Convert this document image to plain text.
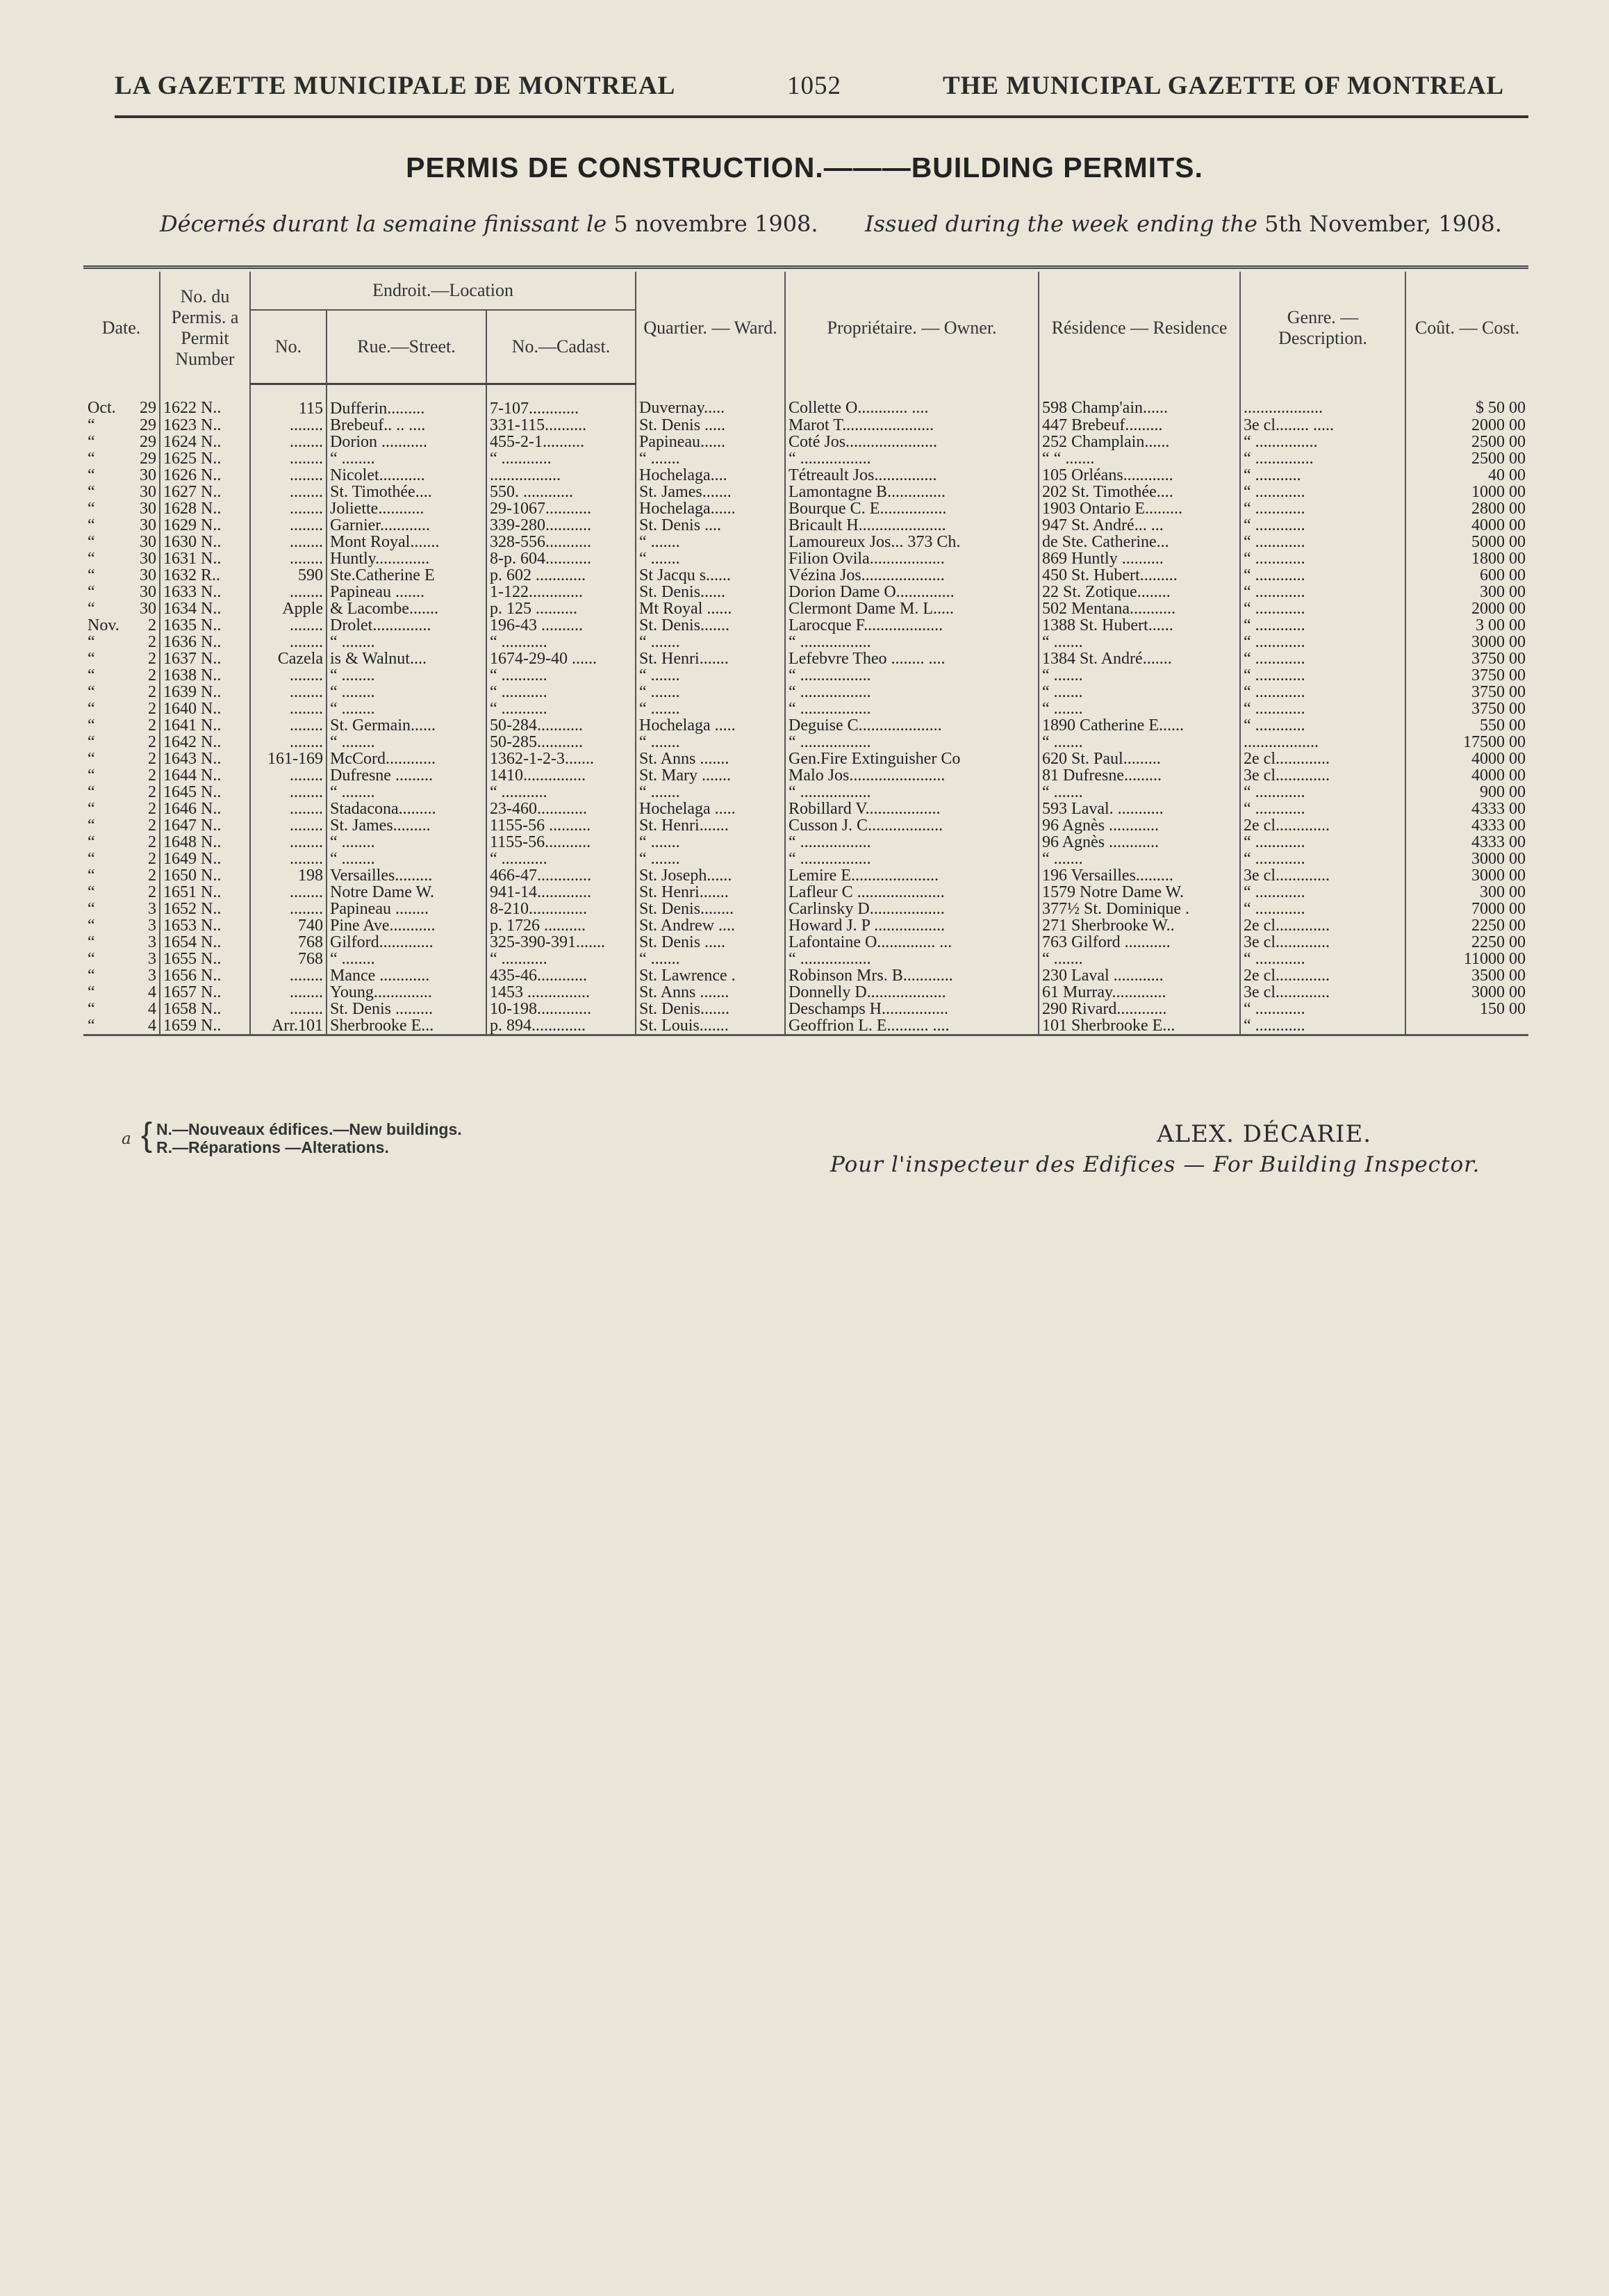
LA GAZETTE MUNICIPALE DE MONTREAL	1052	THE MUNICIPAL GAZETTE OF MONTREAL
PERMIS DE CONSTRUCTION.———BUILDING PERMITS.
Décernés durant la semaine finissant le 5 novembre 1908. Issued during the week ending the 5th November, 1908.
Date.	No. du Permis. a Permit Number	Endroit.—Location			Quartier. — Ward.	Propriétaire. — Owner.	Résidence — Residence	Genre. — Description.	Coût. — Cost.
		No.	Rue.—Street.	No.—Cadast.					

Oct. 29	1622 N..	115	Dufferin.........	7-107............	Duvernay.....	Collette O............ ....	598 Champ'ain......	...................	$ 50 00

“ 29	1623 N..	........	Brebeuf.. .. ....	331-115..........	St. Denis .....	Marot T......................	447 Brebeuf.........	3e cl........ .....	2000 00

“ 29	1624 N..	........	Dorion ...........	455-2-1..........	Papineau......	Coté Jos......................	252 Champlain......	“ ...............	2500 00

“ 29	1625 N..	........	“ ........	“ ............	“ .......	“ .................	“ “ .......	“ ..............	2500 00

“ 30	1626 N..	........	Nicolet...........	.................	Hochelaga....	Tétreault Jos...............	105 Orléans............	“ ...........	40 00

“ 30	1627 N..	........	St. Timothée....	550. ............	St. James.......	Lamontagne B..............	202 St. Timothée....	“ ............	1000 00

“ 30	1628 N..	........	Joliette...........	29-1067...........	Hochelaga......	Bourque C. E................	1903 Ontario E.........	“ ............	2800 00

“ 30	1629 N..	........	Garnier............	339-280...........	St. Denis ....	Bricault H.....................	947 St. André... ...	“ ............	4000 00

“ 30	1630 N..	........	Mont Royal.......	328-556...........	“ .......	Lamoureux Jos... 373 Ch.	de Ste. Catherine...	“ ............	5000 00

“ 30	1631 N..	........	Huntly.............	8-p. 604...........	“ .......	Filion Ovila..................	869 Huntly ..........	“ ............	1800 00

“ 30	1632 R..	590	Ste.Catherine E	p. 602 ............	St Jacqu s......	Vézina Jos....................	450 St. Hubert.........	“ ............	600 00

“ 30	1633 N..	........	Papineau .......	1-122.............	St. Denis......	Dorion Dame O..............	22 St. Zotique........	“ ............	300 00

“ 30	1634 N..	Apple	& Lacombe.......	p. 125 ..........	Mt Royal ......	Clermont Dame M. L.....	502 Mentana...........	“ ............	2000 00

Nov. 2	1635 N..	........	Drolet..............	196-43 ..........	St. Denis.......	Larocque F...................	1388 St. Hubert......	“ ............	3 00 00

“ 2	1636 N..	........	“ ........	“ ...........	“ .......	“ .................	“ .......	“ ............	3000 00

“ 2	1637 N..	Cazela	is & Walnut....	1674-29-40 ......	St. Henri.......	Lefebvre Theo ........ ....	1384 St. André.......	“ ............	3750 00

“ 2	1638 N..	........	“ ........	“ ...........	“ .......	“ .................	“ .......	“ ............	3750 00

“ 2	1639 N..	........	“ ........	“ ...........	“ .......	“ .................	“ .......	“ ............	3750 00

“ 2	1640 N..	........	“ ........	“ ...........	“ .......	“ .................	“ .......	“ ............	3750 00

“ 2	1641 N..	........	St. Germain......	50-284...........	Hochelaga .....	Deguise C....................	1890 Catherine E......	“ ............	550 00

“ 2	1642 N..	........	“ ........	50-285...........	“ .......	“ .................	“ .......	..................	17500 00

“ 2	1643 N..	161-169	McCord............	1362-1-2-3.......	St. Anns .......	Gen.Fire Extinguisher Co	620 St. Paul.........	2e cl.............	4000 00

“ 2	1644 N..	........	Dufresne .........	1410...............	St. Mary .......	Malo Jos.......................	81 Dufresne.........	3e cl.............	4000 00

“ 2	1645 N..	........	“ ........	“ ...........	“ .......	“ .................	“ .......	“ ............	900 00

“ 2	1646 N..	........	Stadacona.........	23-460............	Hochelaga .....	Robillard V..................	593 Laval. ...........	“ ............	4333 00

“ 2	1647 N..	........	St. James.........	1155-56 ..........	St. Henri.......	Cusson J. C..................	96 Agnès ............	2e cl.............	4333 00

“ 2	1648 N..	........	“ ........	1155-56...........	“ .......	“ .................	96 Agnès ............	“ ............	4333 00

“ 2	1649 N..	........	“ ........	“ ...........	“ .......	“ .................	“ .......	“ ............	3000 00

“ 2	1650 N..	198	Versailles.........	466-47.............	St. Joseph......	Lemire E.....................	196 Versailles.........	3e cl.............	3000 00

“ 2	1651 N..	........	Notre Dame W.	941-14.............	St. Henri.......	Lafleur C .....................	1579 Notre Dame W.	“ ............	300 00

“ 3	1652 N..	........	Papineau ........	8-210..............	St. Denis........	Carlinsky D..................	377½ St. Dominique .	“ ............	7000 00

“ 3	1653 N..	740	Pine Ave...........	p. 1726 ..........	St. Andrew ....	Howard J. P .................	271 Sherbrooke W..	2e cl.............	2250 00

“ 3	1654 N..	768	Gilford.............	325-390-391.......	St. Denis .....	Lafontaine O.............. ...	763 Gilford ...........	3e cl.............	2250 00

“ 3	1655 N..	768	“ ........	“ ...........	“ .......	“ .................	“ .......	“ ............	11000 00

“ 3	1656 N..	........	Mance ............	435-46............	St. Lawrence .	Robinson Mrs. B............	230 Laval ............	2e cl.............	3500 00

“ 4	1657 N..	........	Young..............	1453 ...............	St. Anns .......	Donnelly D...................	61 Murray.............	3e cl.............	3000 00

“ 4	1658 N..	........	St. Denis .........	10-198.............	St. Denis.......	Deschamps H................	290 Rivard............	“ ............	150 00

“ 4	1659 N..	Arr.101	Sherbrooke E...	p. 894.............	St. Louis.......	Geoffrion L. E.......... ....	101 Sherbrooke E...	“ ............	
a { N.—Nouveaux édifices.—New buildings.
R.—Réparations —Alterations.	ALEX. DÉCARIE.
Pour l'inspecteur des Edifices — For Building Inspector.
